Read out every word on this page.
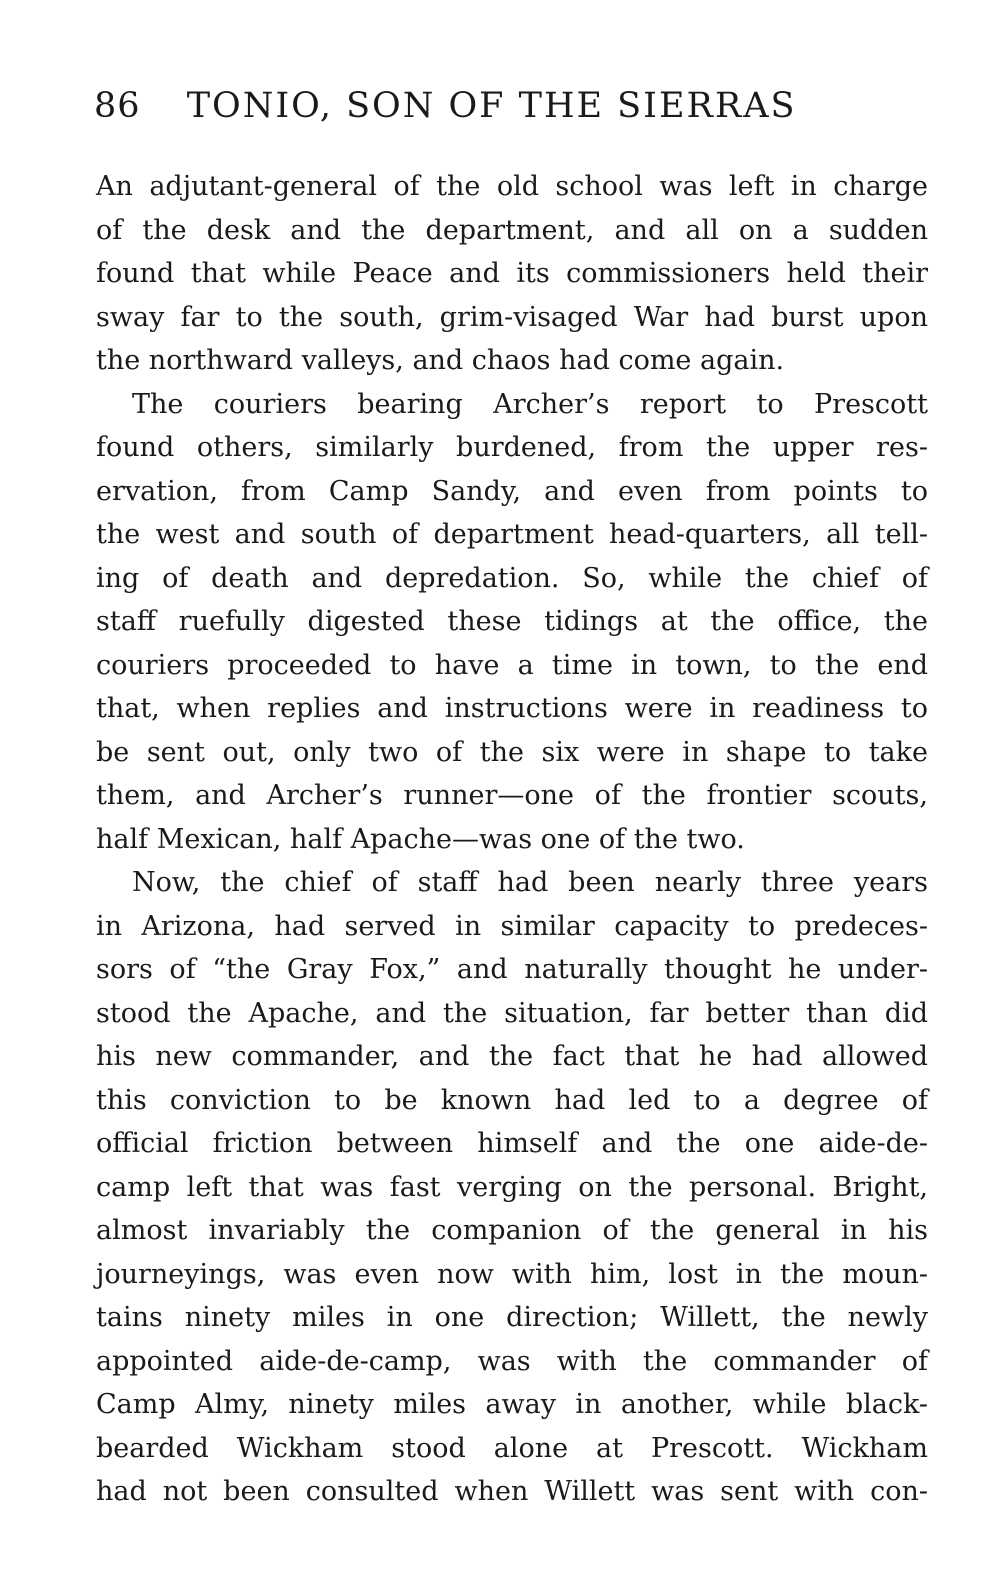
86 TONIO, SON OF THE SIERRAS
An adjutant-general of the old school was left in charge
of the desk and the department, and all on a sudden
found that while Peace and its commissioners held their
sway far to the south, grim-visaged War had burst upon
the northward valleys, and chaos had come again.
The couriers bearing Archer’s report to Prescott
found others, similarly burdened, from the upper res-
ervation, from Camp Sandy, and even from points to
the west and south of department head-quarters, all tell-
ing of death and depredation. So, while the chief of
staff ruefully digested these tidings at the office, the
couriers proceeded to have a time in town, to the end
that, when replies and instructions were in readiness to
be sent out, only two of the six were in shape to take
them, and Archer’s runner—one of the frontier scouts,
half Mexican, half Apache—was one of the two.
Now, the chief of staff had been nearly three years
in Arizona, had served in similar capacity to predeces-
sors of “the Gray Fox,” and naturally thought he under-
stood the Apache, and the situation, far better than did
his new commander, and the fact that he had allowed
this conviction to be known had led to a degree of
official friction between himself and the one aide-de-
camp left that was fast verging on the personal. Bright,
almost invariably the companion of the general in his
journeyings, was even now with him, lost in the moun-
tains ninety miles in one direction; Willett, the newly
appointed aide-de-camp, was with the commander of
Camp Almy, ninety miles away in another, while black-
bearded Wickham stood alone at Prescott. Wickham
had not been consulted when Willett was sent with con-
